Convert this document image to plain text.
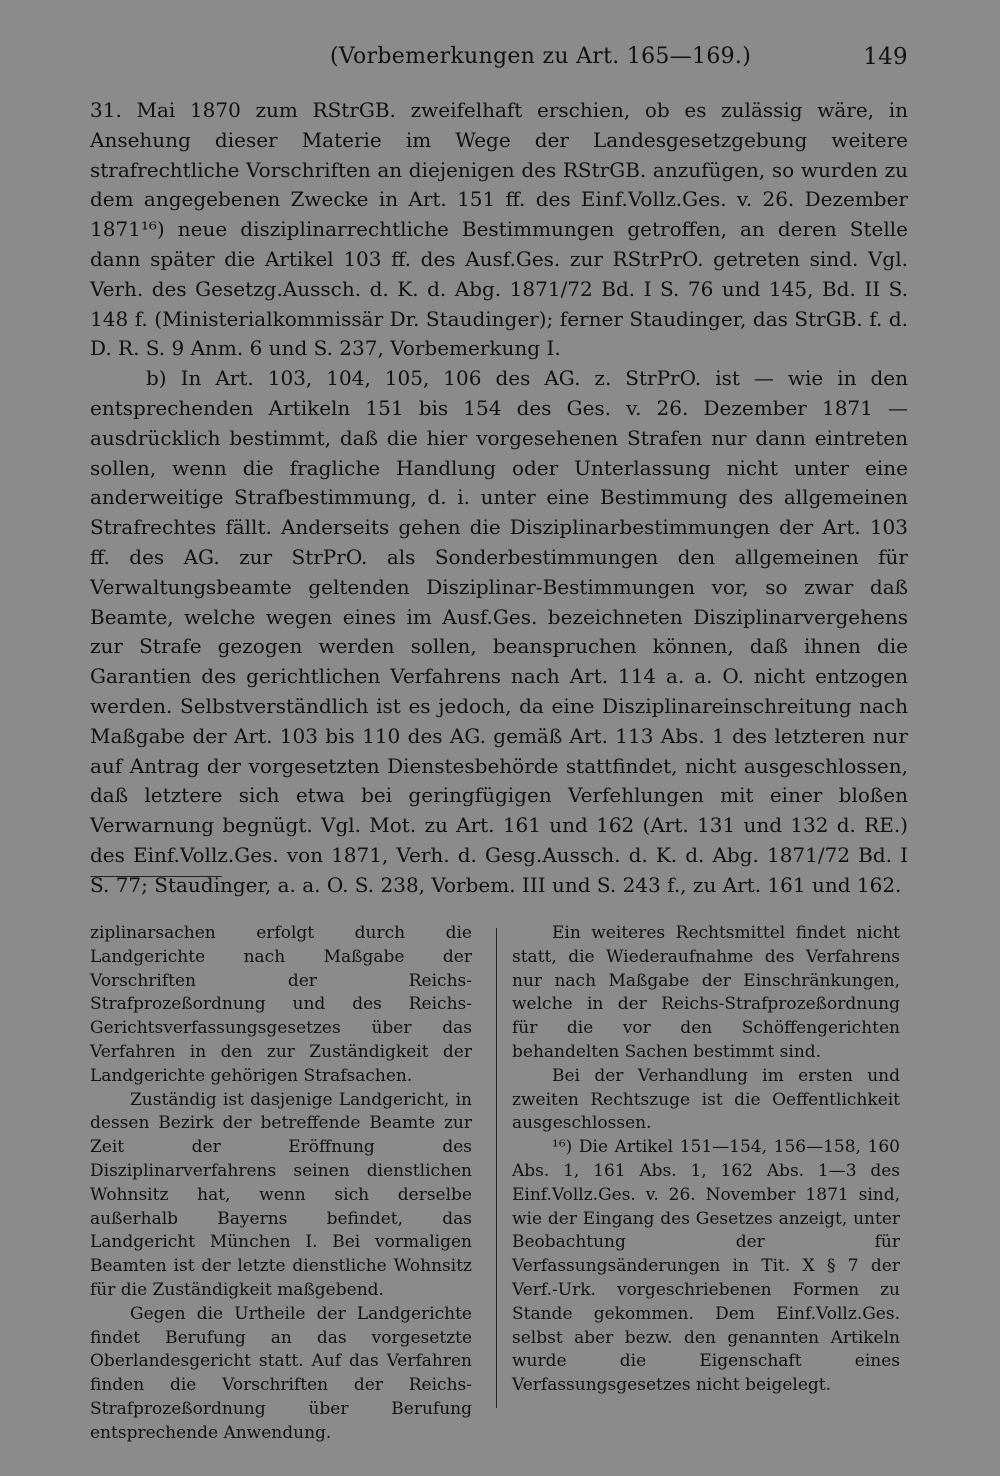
(Vorbemerkungen zu Art. 165—169.)	149

31. Mai 1870 zum RStrGB. zweifelhaft erschien, ob es zulässig wäre, in Ansehung dieser Materie im Wege der Landesgesetzgebung weitere strafrechtliche Vorschriften an diejenigen des RStrGB. anzufügen, so wurden zu dem angegebenen Zwecke in Art. 151 ff. des Einf.Vollz.Ges. v. 26. Dezember 1871¹⁶) neue disziplinarrechtliche Bestimmungen getroffen, an deren Stelle dann später die Artikel 103 ff. des Ausf.Ges. zur RStrPrO. getreten sind. Vgl. Verh. des Gesetzg.Aussch. d. K. d. Abg. 1871/72 Bd. I S. 76 und 145, Bd. II S. 148 f. (Ministerialkommissär Dr. Staudinger); ferner Staudinger, das StrGB. f. d. D. R. S. 9 Anm. 6 und S. 237, Vorbemerkung I.

b) In Art. 103, 104, 105, 106 des AG. z. StrPrO. ist — wie in den entsprechenden Artikeln 151 bis 154 des Ges. v. 26. Dezember 1871 — ausdrücklich bestimmt, daß die hier vorgesehenen Strafen nur dann eintreten sollen, wenn die fragliche Handlung oder Unterlassung nicht unter eine anderweitige Strafbestimmung, d. i. unter eine Bestimmung des allgemeinen Strafrechtes fällt. Anderseits gehen die Disziplinarbestimmungen der Art. 103 ff. des AG. zur StrPrO. als Sonderbestimmungen den allgemeinen für Verwaltungsbeamte geltenden Disziplinar-Bestimmungen vor, so zwar daß Beamte, welche wegen eines im Ausf.Ges. bezeichneten Disziplinarvergehens zur Strafe gezogen werden sollen, beanspruchen können, daß ihnen die Garantien des gerichtlichen Verfahrens nach Art. 114 a. a. O. nicht entzogen werden. Selbstverständlich ist es jedoch, da eine Disziplinareinschreitung nach Maßgabe der Art. 103 bis 110 des AG. gemäß Art. 113 Abs. 1 des letzteren nur auf Antrag der vorgesetzten Dienstesbehörde stattfindet, nicht ausgeschlossen, daß letztere sich etwa bei geringfügigen Verfehlungen mit einer bloßen Verwarnung begnügt. Vgl. Mot. zu Art. 161 und 162 (Art. 131 und 132 d. RE.) des Einf.Vollz.Ges. von 1871, Verh. d. Gesg.Aussch. d. K. d. Abg. 1871/72 Bd. I S. 77; Staudinger, a. a. O. S. 238, Vorbem. III und S. 243 f., zu Art. 161 und 162.

ziplinarsachen erfolgt durch die Landgerichte nach Maßgabe der Vorschriften der Reichs-Strafprozeßordnung und des Reichs-Gerichtsverfassungsgesetzes über das Verfahren in den zur Zuständigkeit der Landgerichte gehörigen Strafsachen.

Zuständig ist dasjenige Landgericht, in dessen Bezirk der betreffende Beamte zur Zeit der Eröffnung des Disziplinarverfahrens seinen dienstlichen Wohnsitz hat, wenn sich derselbe außerhalb Bayerns befindet, das Landgericht München I. Bei vormaligen Beamten ist der letzte dienstliche Wohnsitz für die Zuständigkeit maßgebend.

Gegen die Urtheile der Landgerichte findet Berufung an das vorgesetzte Oberlandesgericht statt. Auf das Verfahren finden die Vorschriften der Reichs-Strafprozeßordnung über Berufung entsprechende Anwendung.

Ein weiteres Rechtsmittel findet nicht statt, die Wiederaufnahme des Verfahrens nur nach Maßgabe der Einschränkungen, welche in der Reichs-Strafprozeßordnung für die vor den Schöffengerichten behandelten Sachen bestimmt sind.

Bei der Verhandlung im ersten und zweiten Rechtszuge ist die Oeffentlichkeit ausgeschlossen.

¹⁶) Die Artikel 151—154, 156—158, 160 Abs. 1, 161 Abs. 1, 162 Abs. 1—3 des Einf.Vollz.Ges. v. 26. November 1871 sind, wie der Eingang des Gesetzes anzeigt, unter Beobachtung der für Verfassungsänderungen in Tit. X § 7 der Verf.-Urk. vorgeschriebenen Formen zu Stande gekommen. Dem Einf.Vollz.Ges. selbst aber bezw. den genannten Artikeln wurde die Eigenschaft eines Verfassungsgesetzes nicht beigelegt.
